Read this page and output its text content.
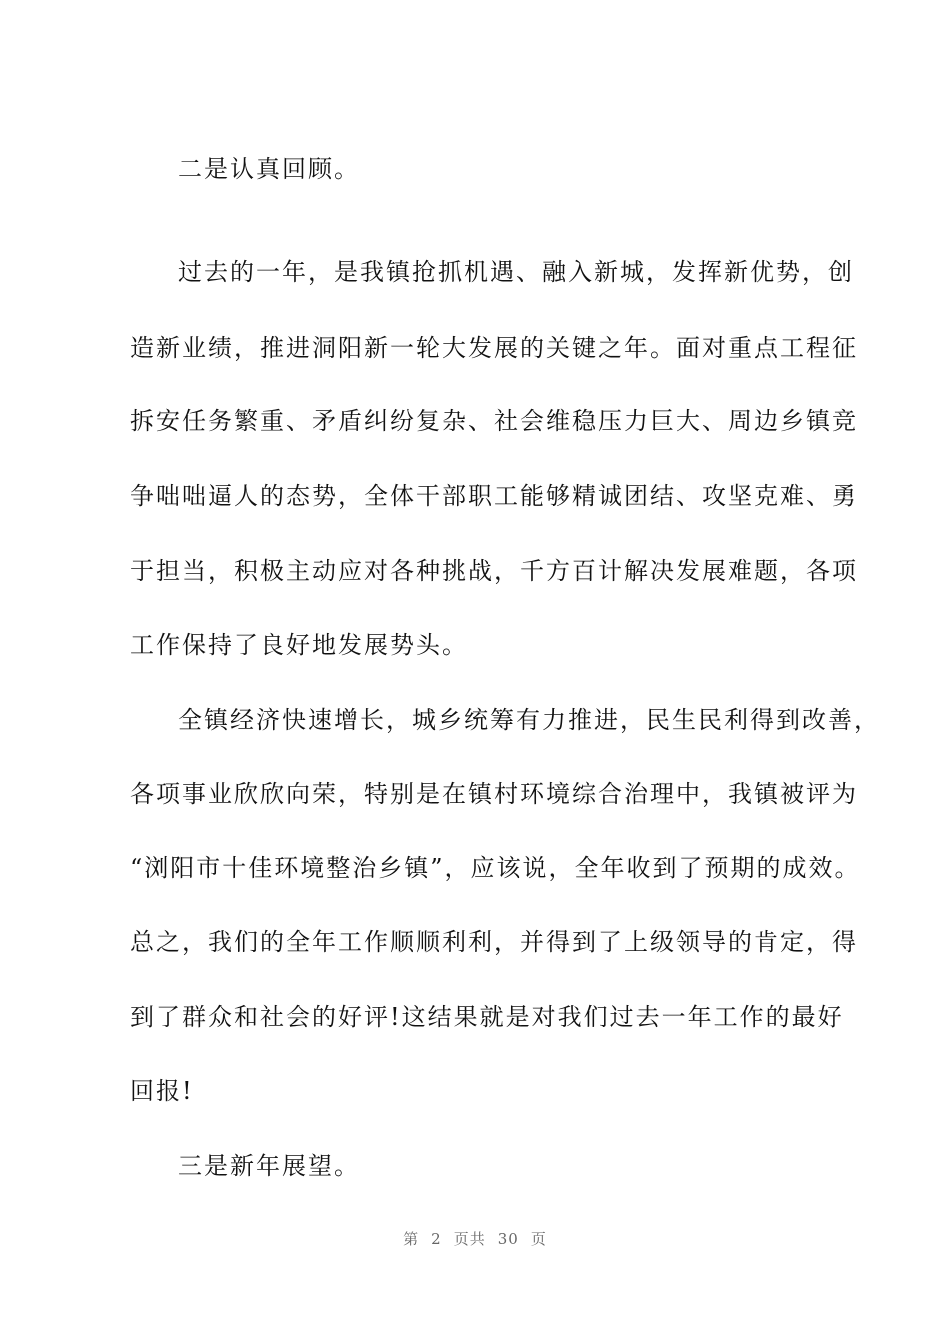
二是认真回顾。
过去的一年，是我镇抢抓机遇、融入新城，发挥新优势，创
造新业绩，推进洞阳新一轮大发展的关键之年。面对重点工程征
拆安任务繁重、矛盾纠纷复杂、社会维稳压力巨大、周边乡镇竞
争咄咄逼人的态势，全体干部职工能够精诚团结、攻坚克难、勇
于担当，积极主动应对各种挑战，千方百计解决发展难题，各项
工作保持了良好地发展势头。
全镇经济快速增长，城乡统筹有力推进，民生民利得到改善，
各项事业欣欣向荣，特别是在镇村环境综合治理中，我镇被评为
“浏阳市十佳环境整治乡镇”，应该说，全年收到了预期的成效。
总之，我们的全年工作顺顺利利，并得到了上级领导的肯定，得
到了群众和社会的好评!这结果就是对我们过去一年工作的最好
回报!
三是新年展望。
第 2 页共 30 页
